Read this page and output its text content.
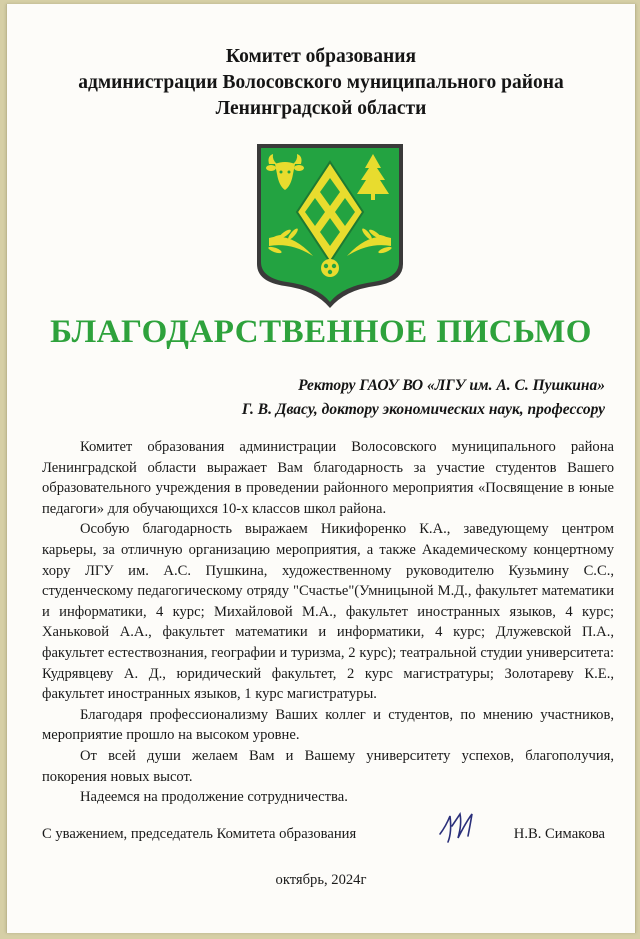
Комитет образования
администрации Волосовского муниципального района
Ленинградской области
БЛАГОДАРСТВЕННОЕ ПИСЬМО
Ректору ГАОУ ВО «ЛГУ им. А. С. Пушкина»
Г. В. Двасу, доктору экономических наук, профессору

Комитет образования администрации Волосовского муниципального района Ленинградской области выражает Вам благодарность за участие студентов Вашего образовательного учреждения в проведении районного мероприятия «Посвящение в юные педагоги» для обучающихся 10-х классов школ района.

Особую благодарность выражаем Никифоренко К.А., заведующему центром карьеры, за отличную организацию мероприятия, а также Академическому концертному хору ЛГУ им. А.С. Пушкина, художественному руководителю Кузьмину С.С., студенческому педагогическому отряду "Счастье"(Умницыной М.Д., факультет математики и информатики, 4 курс; Михайловой М.А., факультет иностранных языков, 4 курс; Ханьковой А.А., факультет математики и информатики, 4 курс; Длужевской П.А., факультет естествознания, географии и туризма, 2 курс); театральной студии университета: Кудрявцеву А. Д., юридический факультет, 2 курс магистратуры; Золотареву К.Е., факультет иностранных языков, 1 курс магистратуры.

Благодаря профессионализму Ваших коллег и студентов, по мнению участников, мероприятие прошло на высоком уровне.

От всей души желаем Вам и Вашему университету успехов, благополучия, покорения новых высот.

Надеемся на продолжение сотрудничества.

С уважением, председатель Комитета образования	Н.В. Симакова
октябрь, 2024г
